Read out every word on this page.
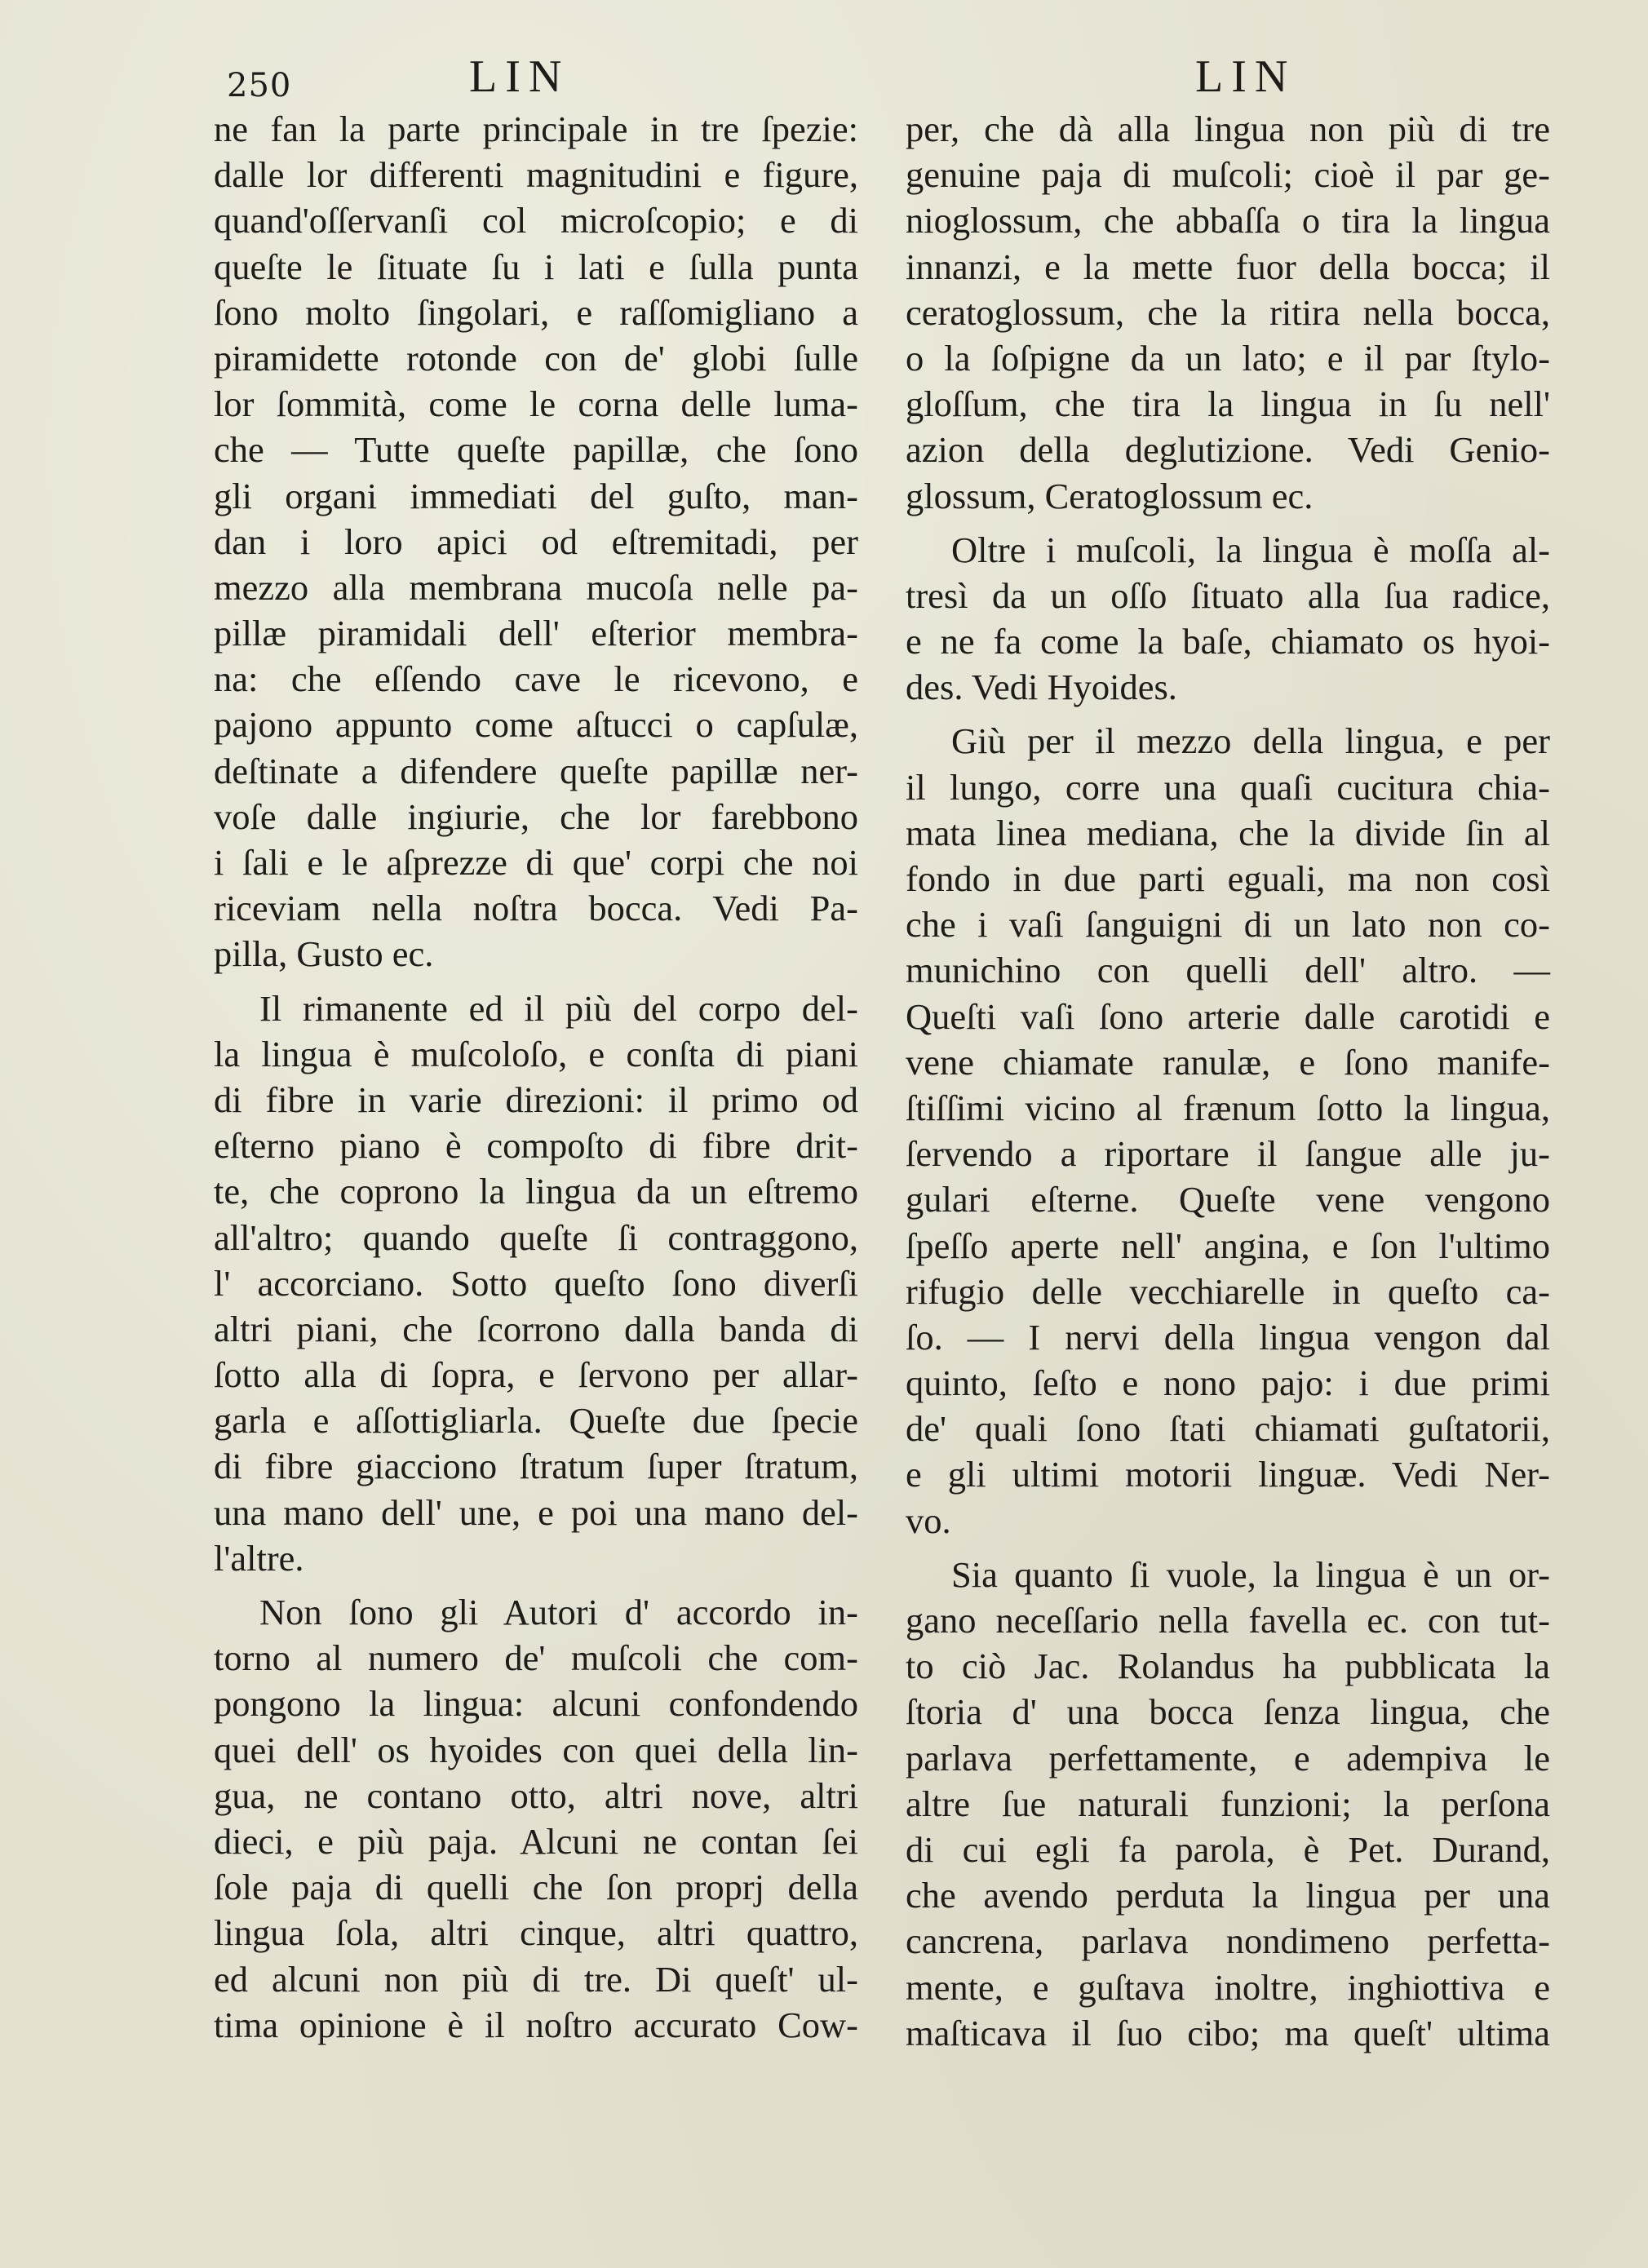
250	LIN	LIN
ne fan la parte principale in tre ſpezie:
dalle lor differenti magnitudini e figure,
quand'oſſervanſi col microſcopio; e di
queſte le ſituate ſu i lati e ſulla punta
ſono molto ſingolari, e raſſomigliano a
piramidette rotonde con de' globi ſulle
lor ſommità, come le corna delle luma-
che — Tutte queſte papillæ, che ſono
gli organi immediati del guſto, man-
dan i loro apici od eſtremitadi, per
mezzo alla membrana mucoſa nelle pa-
pillæ piramidali dell' eſterior membra-
na: che eſſendo cave le ricevono, e
pajono appunto come aſtucci o capſulæ,
deſtinate a difendere queſte papillæ ner-
voſe dalle ingiurie, che lor farebbono
i ſali e le aſprezze di que' corpi che noi
riceviam nella noſtra bocca. Vedi Pa-
pilla, Gusto ec.
Il rimanente ed il più del corpo del-
la lingua è muſcoloſo, e conſta di piani
di fibre in varie direzioni: il primo od
eſterno piano è compoſto di fibre drit-
te, che coprono la lingua da un eſtremo
all'altro; quando queſte ſi contraggono,
l' accorciano. Sotto queſto ſono diverſi
altri piani, che ſcorrono dalla banda di
ſotto alla di ſopra, e ſervono per allar-
garla e aſſottigliarla. Queſte due ſpecie
di fibre giacciono ſtratum ſuper ſtratum,
una mano dell' une, e poi una mano del-
l'altre.
Non ſono gli Autori d' accordo in-
torno al numero de' muſcoli che com-
pongono la lingua: alcuni confondendo
quei dell' os hyoides con quei della lin-
gua, ne contano otto, altri nove, altri
dieci, e più paja. Alcuni ne contan ſei
ſole paja di quelli che ſon proprj della
lingua ſola, altri cinque, altri quattro,
ed alcuni non più di tre. Di queſt' ul-
tima opinione è il noſtro accurato Cow-
per, che dà alla lingua non più di tre
genuine paja di muſcoli; cioè il par ge-
nioglossum, che abbaſſa o tira la lingua
innanzi, e la mette fuor della bocca; il
ceratoglossum, che la ritira nella bocca,
o la ſoſpigne da un lato; e il par ſtylo-
gloſſum, che tira la lingua in ſu nell'
azion della deglutizione. Vedi Genio-
glossum, Ceratoglossum ec.
Oltre i muſcoli, la lingua è moſſa al-
tresì da un oſſo ſituato alla ſua radice,
e ne fa come la baſe, chiamato os hyoi-
des. Vedi Hyoides.
Giù per il mezzo della lingua, e per
il lungo, corre una quaſi cucitura chia-
mata linea mediana, che la divide ſin al
fondo in due parti eguali, ma non così
che i vaſi ſanguigni di un lato non co-
munichino con quelli dell' altro. —
Queſti vaſi ſono arterie dalle carotidi e
vene chiamate ranulæ, e ſono manife-
ſtiſſimi vicino al frænum ſotto la lingua,
ſervendo a riportare il ſangue alle ju-
gulari eſterne. Queſte vene vengono
ſpeſſo aperte nell' angina, e ſon l'ultimo
rifugio delle vecchiarelle in queſto ca-
ſo. — I nervi della lingua vengon dal
quinto, ſeſto e nono pajo: i due primi
de' quali ſono ſtati chiamati guſtatorii,
e gli ultimi motorii linguæ. Vedi Ner-
vo.
Sia quanto ſi vuole, la lingua è un or-
gano neceſſario nella favella ec. con tut-
to ciò Jac. Rolandus ha pubblicata la
ſtoria d' una bocca ſenza lingua, che
parlava perfettamente, e adempiva le
altre ſue naturali funzioni; la perſona
di cui egli fa parola, è Pet. Durand,
che avendo perduta la lingua per una
cancrena, parlava nondimeno perfetta-
mente, e guſtava inoltre, inghiottiva e
maſticava il ſuo cibo; ma queſt' ultima
